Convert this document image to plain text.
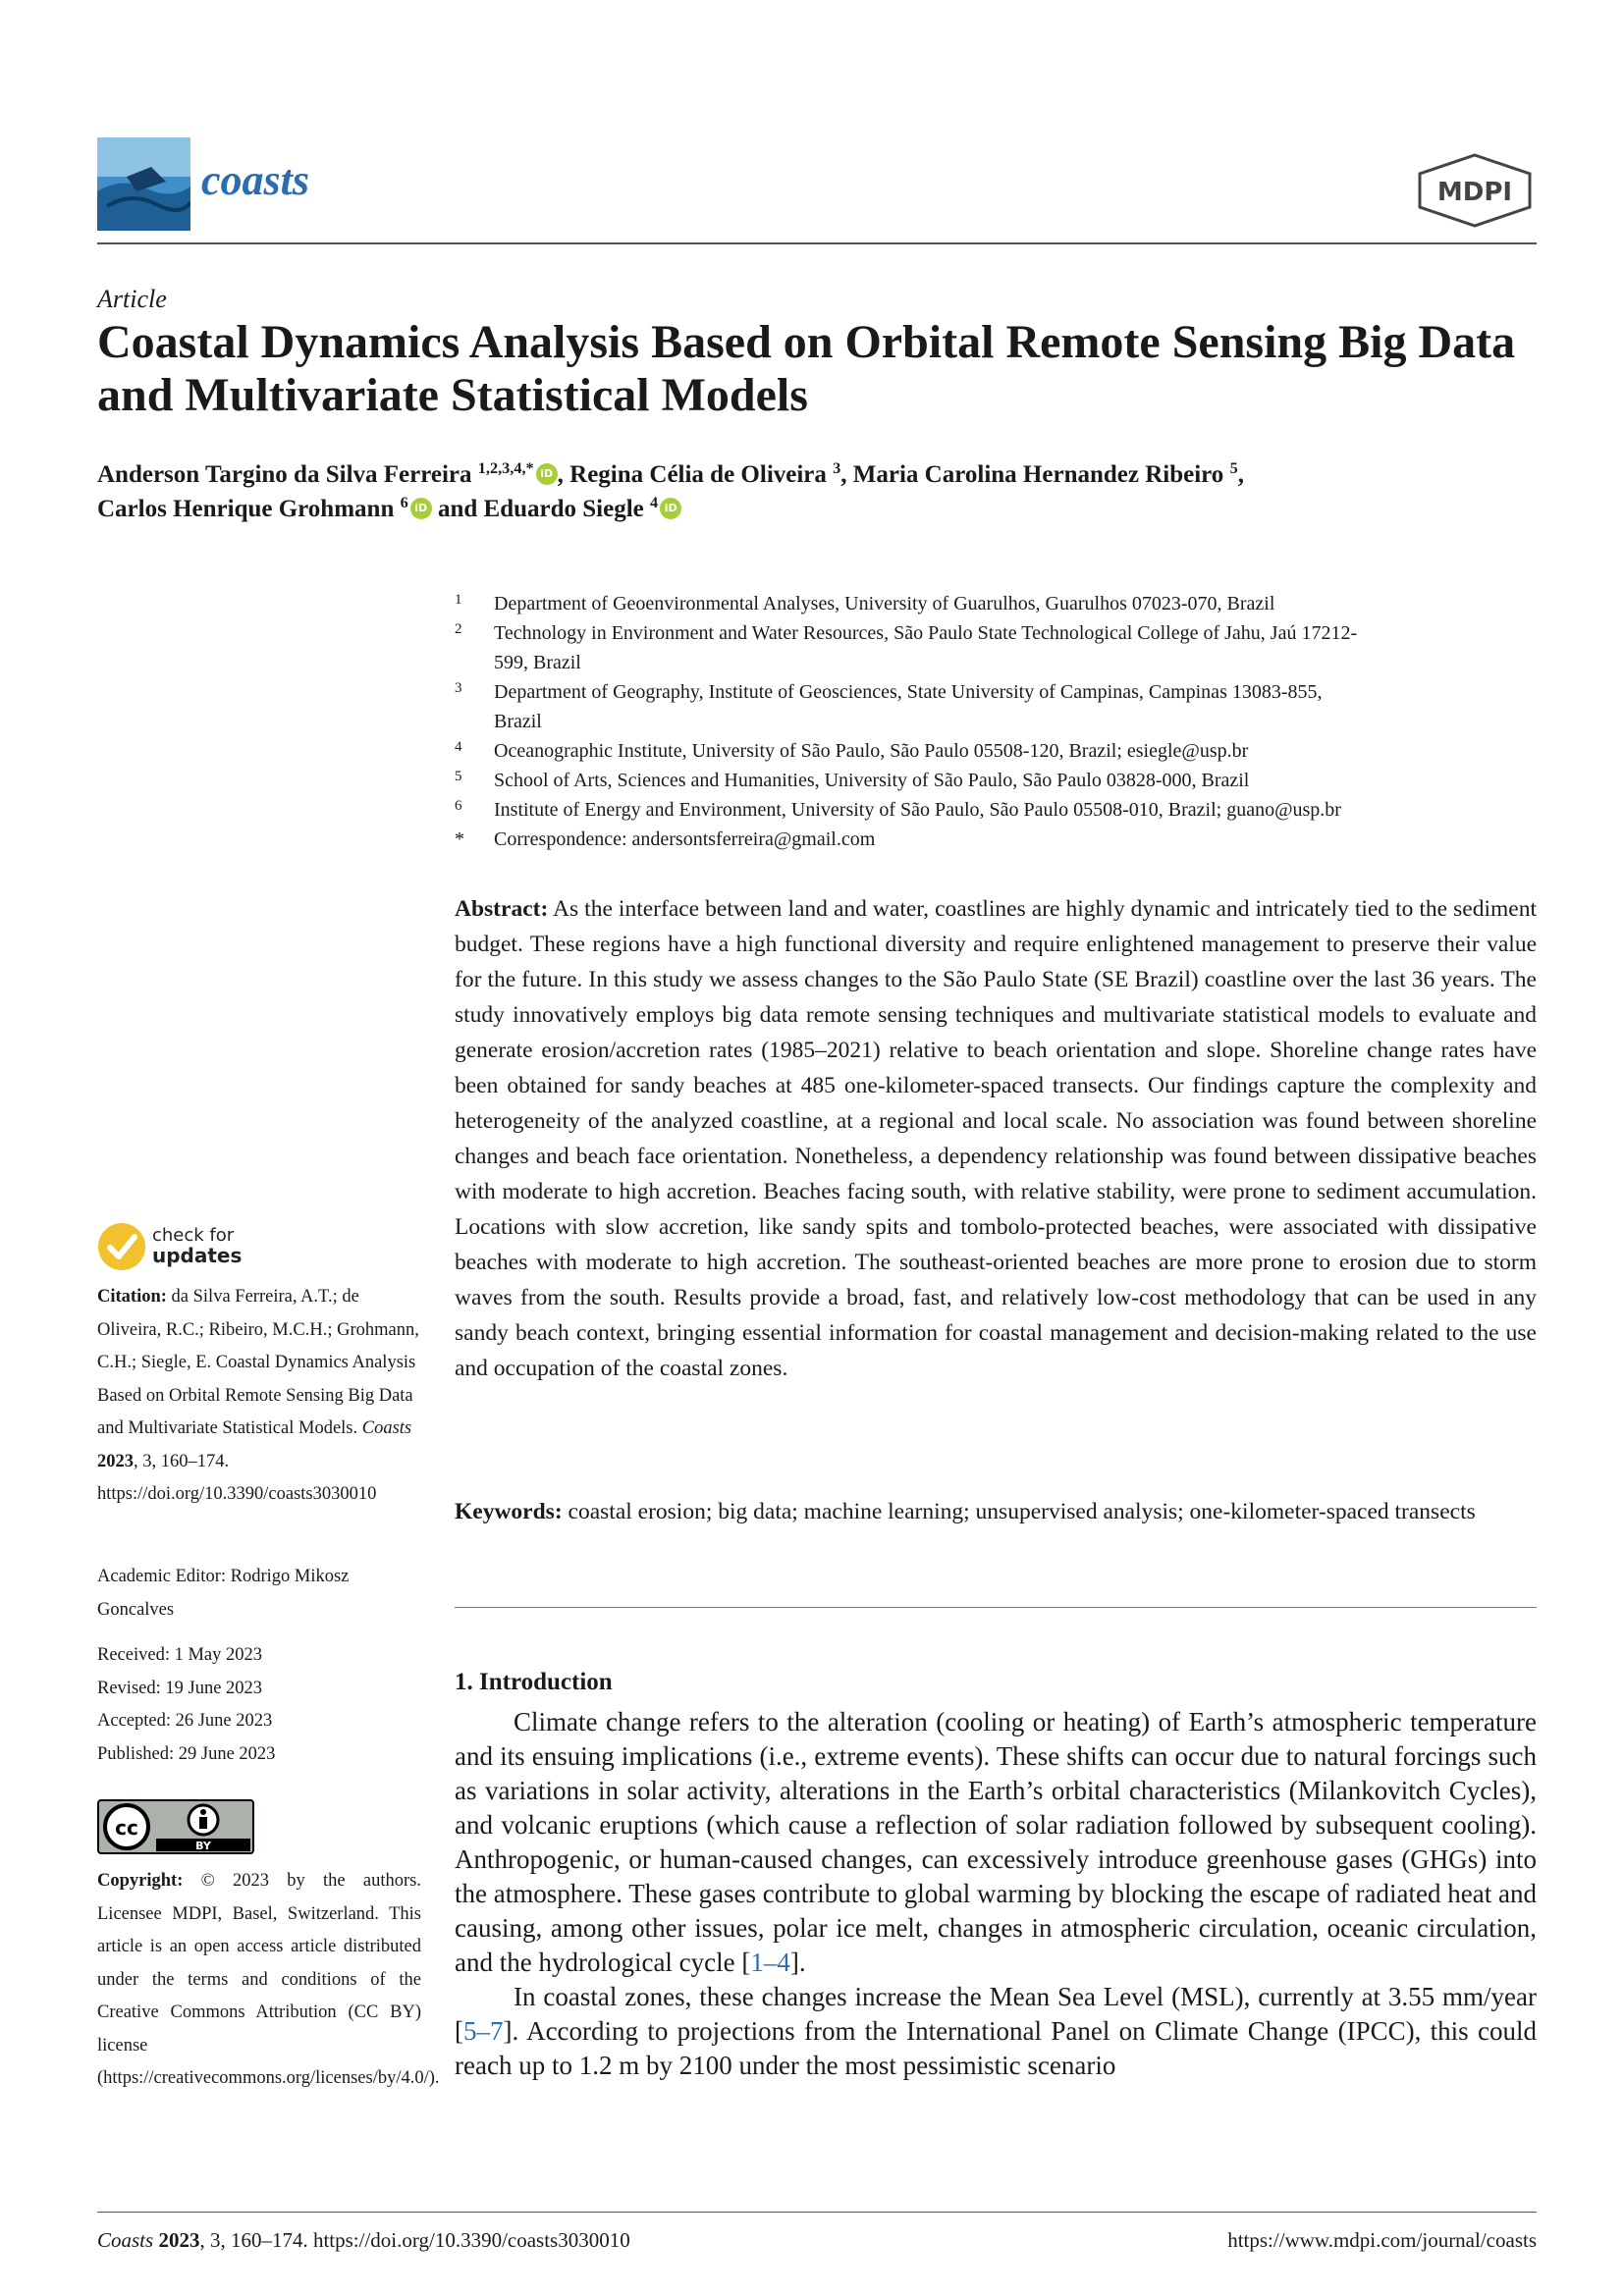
coasts	MDPI
Article
Coastal Dynamics Analysis Based on Orbital Remote Sensing Big Data and Multivariate Statistical Models
Anderson Targino da Silva Ferreira $^{1,2,3,4,*}$ iD , Regina Célia de Oliveira $^3$, Maria Carolina Hernandez Ribeiro $^5$,
Carlos Henrique Grohmann $^6$ iD and Eduardo Siegle $^4$ iD
1 Department of Geoenvironmental Analyses, University of Guarulhos, Guarulhos 07023-070, Brazil
2 Technology in Environment and Water Resources, São Paulo State Technological College of Jahu, Jaú 17212-599, Brazil
3 Department of Geography, Institute of Geosciences, State University of Campinas, Campinas 13083-855, Brazil
4 Oceanographic Institute, University of São Paulo, São Paulo 05508-120, Brazil; esiegle@usp.br
5 School of Arts, Sciences and Humanities, University of São Paulo, São Paulo 03828-000, Brazil
6 Institute of Energy and Environment, University of São Paulo, São Paulo 05508-010, Brazil; guano@usp.br
* Correspondence: andersontsferreira@gmail.com

Abstract: As the interface between land and water, coastlines are highly dynamic and intricately tied to the sediment budget. These regions have a high functional diversity and require enlightened management to preserve their value for the future. In this study we assess changes to the São Paulo State (SE Brazil) coastline over the last 36 years. The study innovatively employs big data remote sensing techniques and multivariate statistical models to evaluate and generate erosion/accretion rates (1985–2021) relative to beach orientation and slope. Shoreline change rates have been obtained for sandy beaches at 485 one-kilometer-spaced transects. Our findings capture the complexity and heterogeneity of the analyzed coastline, at a regional and local scale. No association was found between shoreline changes and beach face orientation. Nonetheless, a dependency relationship was found between dissipative beaches with moderate to high accretion. Beaches facing south, with relative stability, were prone to sediment accumulation. Locations with slow accretion, like sandy spits and tombolo-protected beaches, were associated with dissipative beaches with moderate to high accretion. The southeast-oriented beaches are more prone to erosion due to storm waves from the south. Results provide a broad, fast, and relatively low-cost methodology that can be used in any sandy beach context, bringing essential information for coastal management and decision-making related to the use and occupation of the coastal zones.

Keywords: coastal erosion; big data; machine learning; unsupervised analysis; one-kilometer-spaced transects

1. Introduction

Climate change refers to the alteration (cooling or heating) of Earth’s atmospheric temperature and its ensuing implications (i.e., extreme events). These shifts can occur due to natural forcings such as variations in solar activity, alterations in the Earth’s orbital characteristics (Milankovitch Cycles), and volcanic eruptions (which cause a reflection of solar radiation followed by subsequent cooling). Anthropogenic, or human-caused changes, can excessively introduce greenhouse gases (GHGs) into the atmosphere. These gases contribute to global warming by blocking the escape of radiated heat and causing, among other issues, polar ice melt, changes in atmospheric circulation, oceanic circulation, and the hydrological cycle [1–4].

In coastal zones, these changes increase the Mean Sea Level (MSL), currently at 3.55 mm/year [5–7]. According to projections from the International Panel on Climate Change (IPCC), this could reach up to 1.2 m by 2100 under the most pessimistic scenario

check for
updates

Citation: da Silva Ferreira, A.T.; de Oliveira, R.C.; Ribeiro, M.C.H.; Grohmann, C.H.; Siegle, E. Coastal Dynamics Analysis Based on Orbital Remote Sensing Big Data and Multivariate Statistical Models. Coasts 2023, 3, 160–174. https://doi.org/10.3390/coasts3030010

Academic Editor: Rodrigo Mikosz Goncalves

Received: 1 May 2023
Revised: 19 June 2023
Accepted: 26 June 2023
Published: 29 June 2023
cc
BY

Copyright: © 2023 by the authors. Licensee MDPI, Basel, Switzerland. This article is an open access article distributed under the terms and conditions of the Creative Commons Attribution (CC BY) license (https://creativecommons.org/licenses/by/4.0/).

Coasts 2023, 3, 160–174. https://doi.org/10.3390/coasts3030010	https://www.mdpi.com/journal/coasts
